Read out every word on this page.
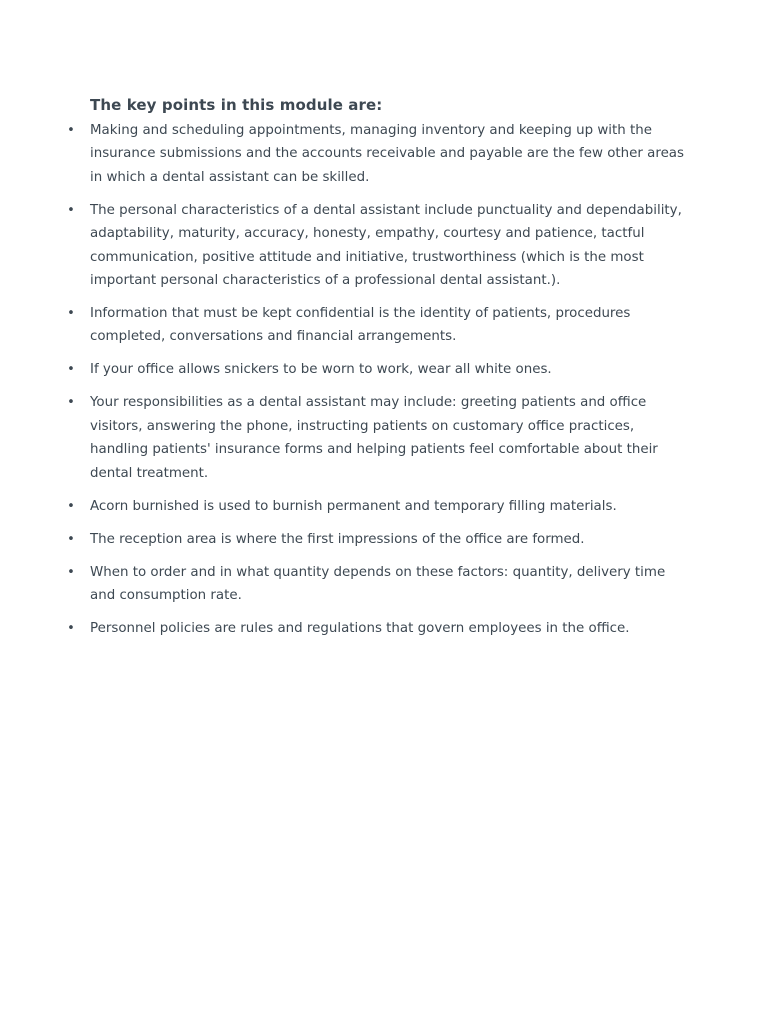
The key points in this module are:
• Making and scheduling appointments, managing inventory and keeping up with the insurance submissions and the accounts receivable and payable are the few other areas in which a dental assistant can be skilled.
• The personal characteristics of a dental assistant include punctuality and dependability, adaptability, maturity, accuracy, honesty, empathy, courtesy and patience, tactful communication, positive attitude and initiative, trustworthiness (which is the most important personal characteristics of a professional dental assistant.).
• Information that must be kept confidential is the identity of patients, procedures completed, conversations and financial arrangements.
• If your office allows snickers to be worn to work, wear all white ones.
• Your responsibilities as a dental assistant may include: greeting patients and office visitors, answering the phone, instructing patients on customary office practices, handling patients' insurance forms and helping patients feel comfortable about their dental treatment.
• Acorn burnished is used to burnish permanent and temporary filling materials.
• The reception area is where the first impressions of the office are formed.
• When to order and in what quantity depends on these factors: quantity, delivery time and consumption rate.
• Personnel policies are rules and regulations that govern employees in the office.
